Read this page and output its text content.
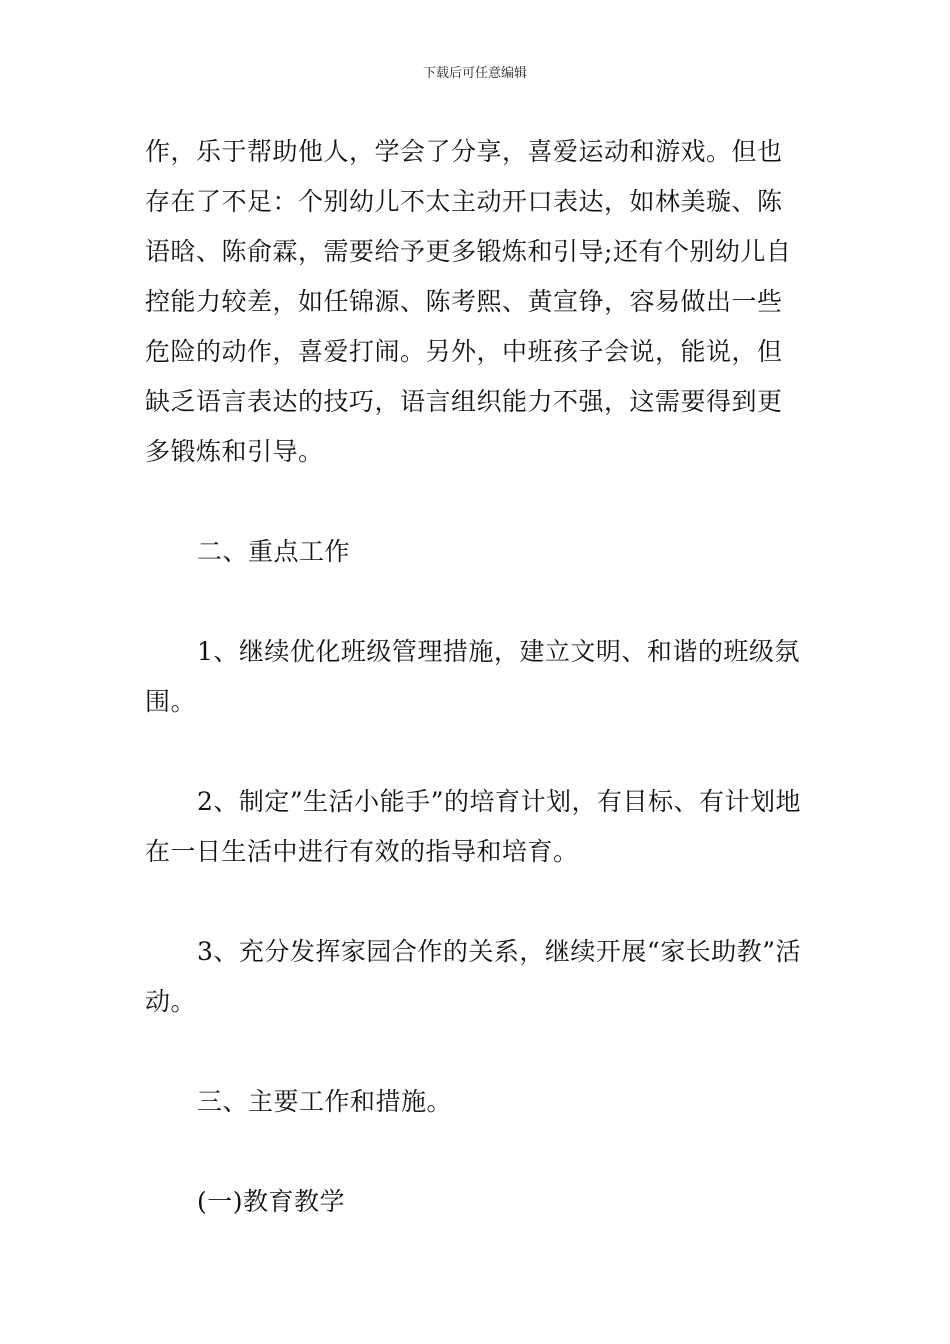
下载后可任意编辑

作，乐于帮助他人，学会了分享，喜爱运动和游戏。但也存在了不足：个别幼儿不太主动开口表达，如林美璇、陈语晗、陈俞霖，需要给予更多锻炼和引导;还有个别幼儿自控能力较差，如任锦源、陈考熙、黄宣铮，容易做出一些危险的动作，喜爱打闹。另外，中班孩子会说，能说，但缺乏语言表达的技巧，语言组织能力不强，这需要得到更多锻炼和引导。

二、重点工作

1、继续优化班级管理措施，建立文明、和谐的班级氛围。

2、制定”生活小能手”的培育计划，有目标、有计划地在一日生活中进行有效的指导和培育。

3、充分发挥家园合作的关系，继续开展“家长助教”活动。

三、主要工作和措施。

(一)教育教学
